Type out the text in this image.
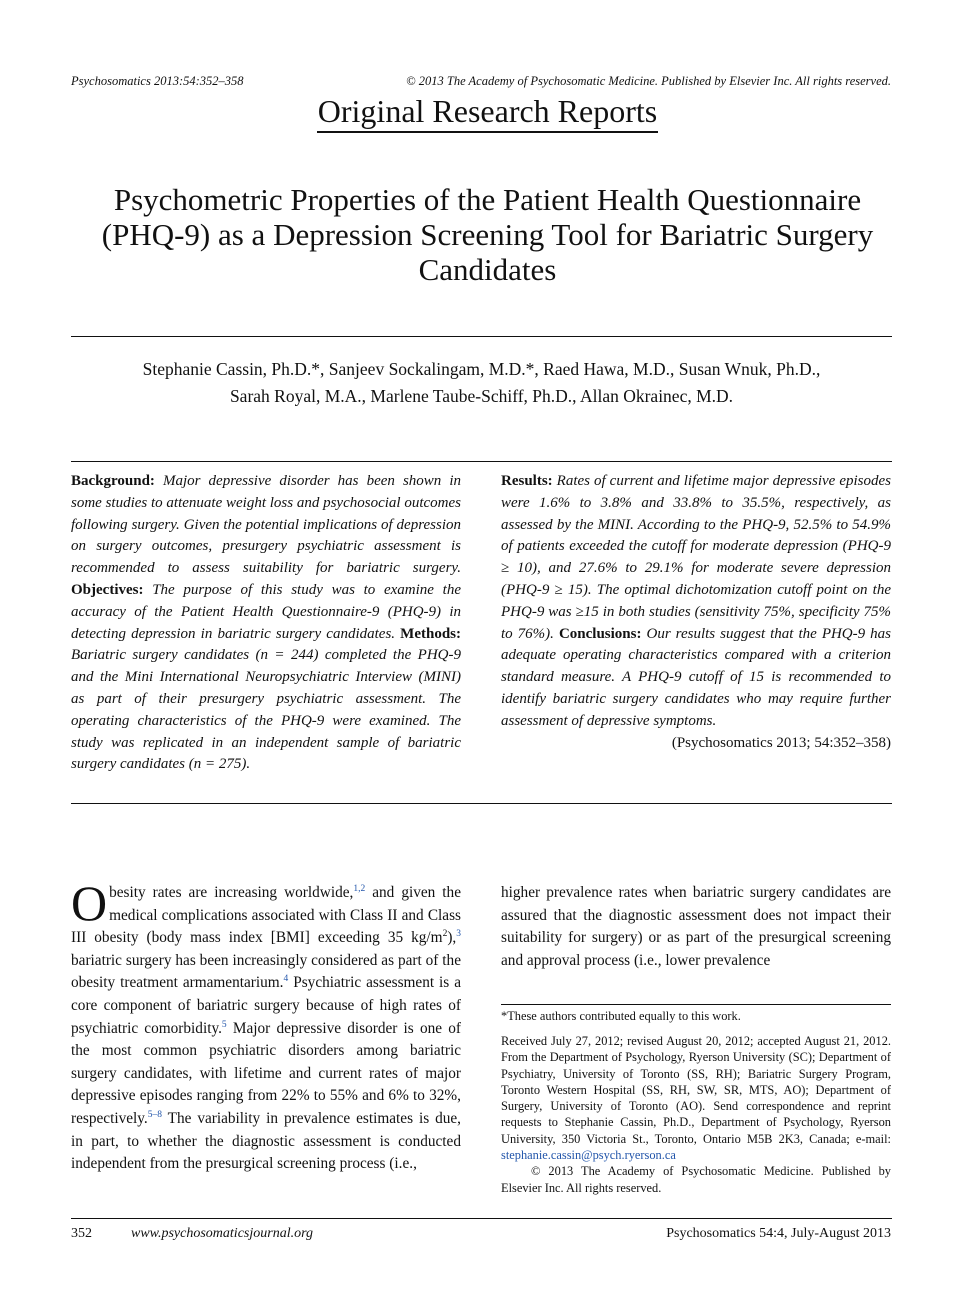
Psychosomatics 2013:54:352–358	© 2013 The Academy of Psychosomatic Medicine. Published by Elsevier Inc. All rights reserved.
Original Research Reports
Psychometric Properties of the Patient Health Questionnaire (PHQ-9) as a Depression Screening Tool for Bariatric Surgery Candidates
Stephanie Cassin, Ph.D.*, Sanjeev Sockalingam, M.D.*, Raed Hawa, M.D., Susan Wnuk, Ph.D.,
Sarah Royal, M.A., Marlene Taube-Schiff, Ph.D., Allan Okrainec, M.D.
Background: Major depressive disorder has been shown in some studies to attenuate weight loss and psychosocial outcomes following surgery. Given the potential implications of depression on surgery outcomes, presurgery psychiatric assessment is recommended to assess suitability for bariatric surgery. Objectives: The purpose of this study was to examine the accuracy of the Patient Health Questionnaire-9 (PHQ-9) in detecting depression in bariatric surgery candidates. Methods: Bariatric surgery candidates (n = 244) completed the PHQ-9 and the Mini International Neuropsychiatric Interview (MINI) as part of their presurgery psychiatric assessment. The operating characteristics of the PHQ-9 were examined. The study was replicated in an independent sample of bariatric surgery candidates (n = 275).
Results: Rates of current and lifetime major depressive episodes were 1.6% to 3.8% and 33.8% to 35.5%, respectively, as assessed by the MINI. According to the PHQ-9, 52.5% to 54.9% of patients exceeded the cutoff for moderate depression (PHQ-9 ≥ 10), and 27.6% to 29.1% for moderate severe depression (PHQ-9 ≥ 15). The optimal dichotomization cutoff point on the PHQ-9 was ≥15 in both studies (sensitivity 75%, specificity 75% to 76%). Conclusions: Our results suggest that the PHQ-9 has adequate operating characteristics compared with a criterion standard measure. A PHQ-9 cutoff of 15 is recommended to identify bariatric surgery candidates who may require further assessment of depressive symptoms.
(Psychosomatics 2013; 54:352–358)
Obesity rates are increasing worldwide,$^{1,2}$ and given the medical complications associated with Class II and Class III obesity (body mass index [BMI] exceeding 35 $kg/m^2),^3$ bariatric surgery has been increasingly considered as part of the obesity treatment armamentarium.$^4$ Psychiatric assessment is a core component of bariatric surgery because of high rates of psychiatric comorbidity.$^5$ Major depressive disorder is one of the most common psychiatric disorders among bariatric surgery candidates, with lifetime and current rates of major depressive episodes ranging from 22% to 55% and 6% to 32%, respectively.$^{5-8}$ The variability in prevalence estimates is due, in part, to whether the diagnostic assessment is conducted independent from the presurgical screening process (i.e.,
higher prevalence rates when bariatric surgery candidates are assured that the diagnostic assessment does not impact their suitability for surgery) or as part of the presurgical screening and approval process (i.e., lower prevalence
*These authors contributed equally to this work.
Received July 27, 2012; revised August 20, 2012; accepted August 21, 2012. From the Department of Psychology, Ryerson University (SC); Department of Psychiatry, University of Toronto (SS, RH); Bariatric Surgery Program, Toronto Western Hospital (SS, RH, SW, SR, MTS, AO); Department of Surgery, University of Toronto (AO). Send correspondence and reprint requests to Stephanie Cassin, Ph.D., Department of Psychology, Ryerson University, 350 Victoria St., Toronto, Ontario M5B 2K3, Canada; e-mail: stephanie.cassin@psych.ryerson.ca
© 2013 The Academy of Psychosomatic Medicine. Published by Elsevier Inc. All rights reserved.
352	www.psychosomaticsjournal.org	Psychosomatics 54:4, July-August 2013
